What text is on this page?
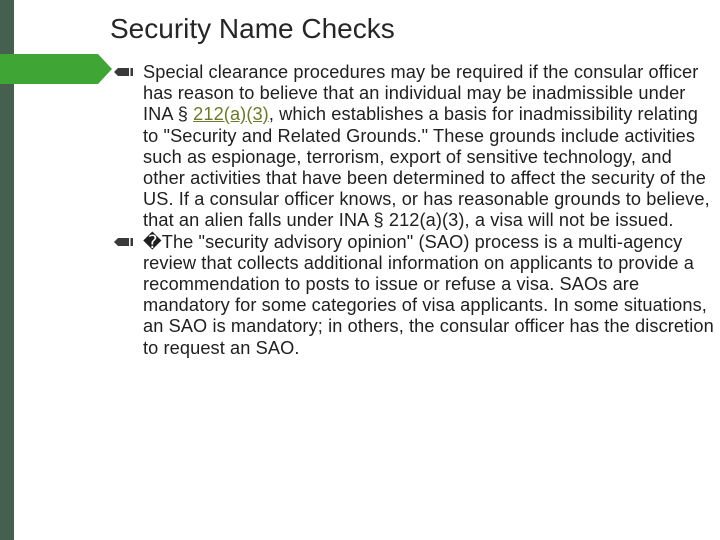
Security Name Checks
Special clearance procedures may be required if the consular officer has reason to believe that an individual may be inadmissible under INA § 212(a)(3), which establishes a basis for inadmissibility relating to "Security and Related Grounds." These grounds include activities such as espionage, terrorism, export of sensitive technology, and other activities that have been determined to affect the security of the US. If a consular officer knows, or has reasonable grounds to believe, that an alien falls under INA § 212(a)(3), a visa will not be issued.
�The "security advisory opinion" (SAO) process is a multi-agency review that collects additional information on applicants to provide a recommendation to posts to issue or refuse a visa. SAOs are mandatory for some categories of visa applicants. In some situations, an SAO is mandatory; in others, the consular officer has the discretion to request an SAO.
